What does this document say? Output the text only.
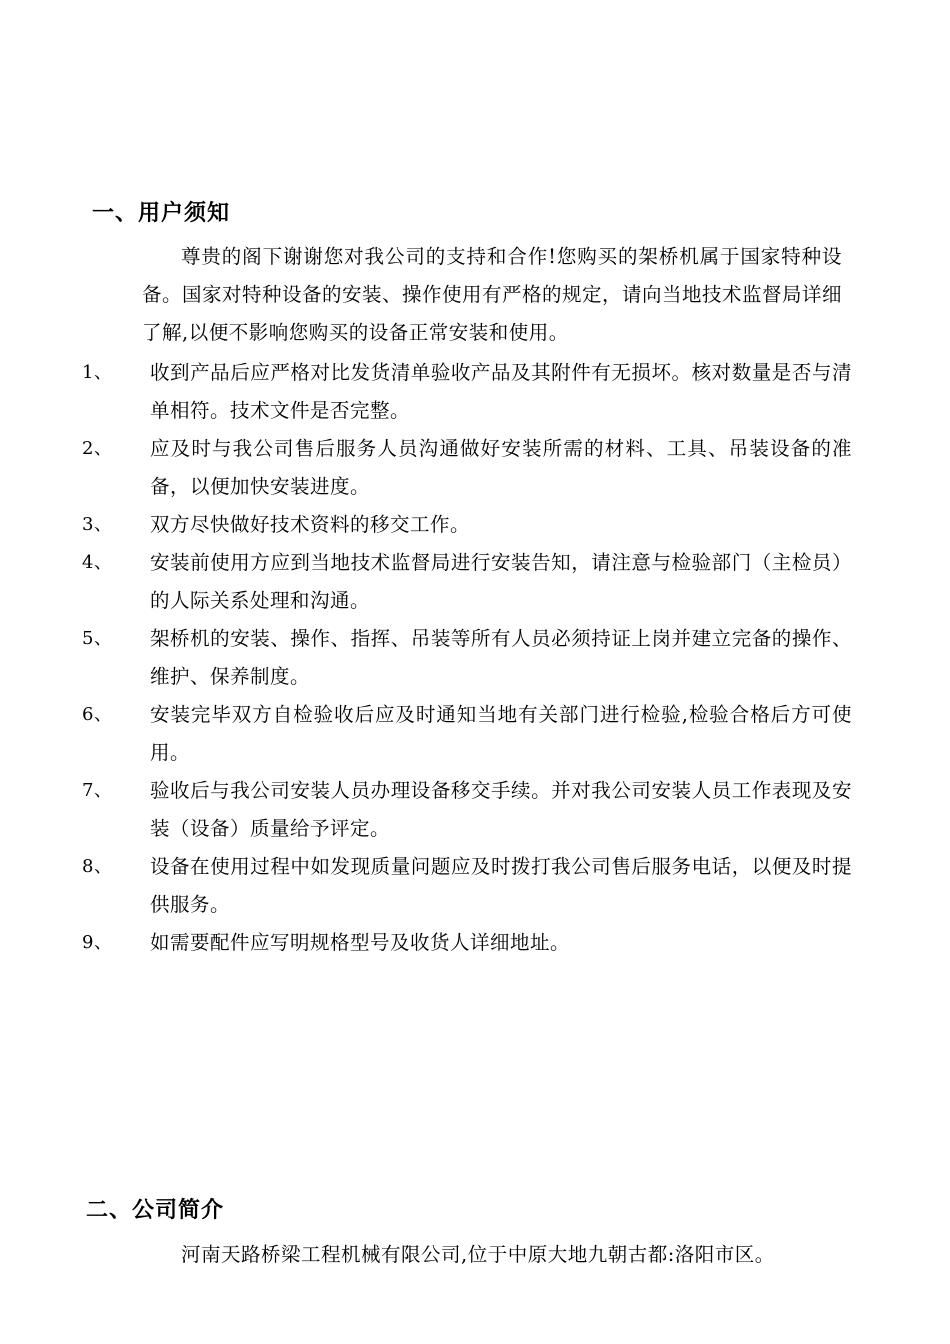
一、用户须知
尊贵的阁下谢谢您对我公司的支持和合作!您购买的架桥机属于国家特种设备。国家对特种设备的安装、操作使用有严格的规定，请向当地技术监督局详细了解,以便不影响您购买的设备正常安装和使用。
1、	收到产品后应严格对比发货清单验收产品及其附件有无损坏。核对数量是否与清单相符。技术文件是否完整。
2、	应及时与我公司售后服务人员沟通做好安装所需的材料、工具、吊装设备的准备，以便加快安装进度。
3、	双方尽快做好技术资料的移交工作。
4、	安装前使用方应到当地技术监督局进行安装告知，请注意与检验部门（主检员）的人际关系处理和沟通。
5、	架桥机的安装、操作、指挥、吊装等所有人员必须持证上岗并建立完备的操作、维护、保养制度。
6、	安装完毕双方自检验收后应及时通知当地有关部门进行检验,检验合格后方可使用。
7、	验收后与我公司安装人员办理设备移交手续。并对我公司安装人员工作表现及安装（设备）质量给予评定。
8、	设备在使用过程中如发现质量问题应及时拨打我公司售后服务电话，以便及时提供服务。
9、	如需要配件应写明规格型号及收货人详细地址。
二、公司简介
河南天路桥梁工程机械有限公司,位于中原大地九朝古都:洛阳市区。
